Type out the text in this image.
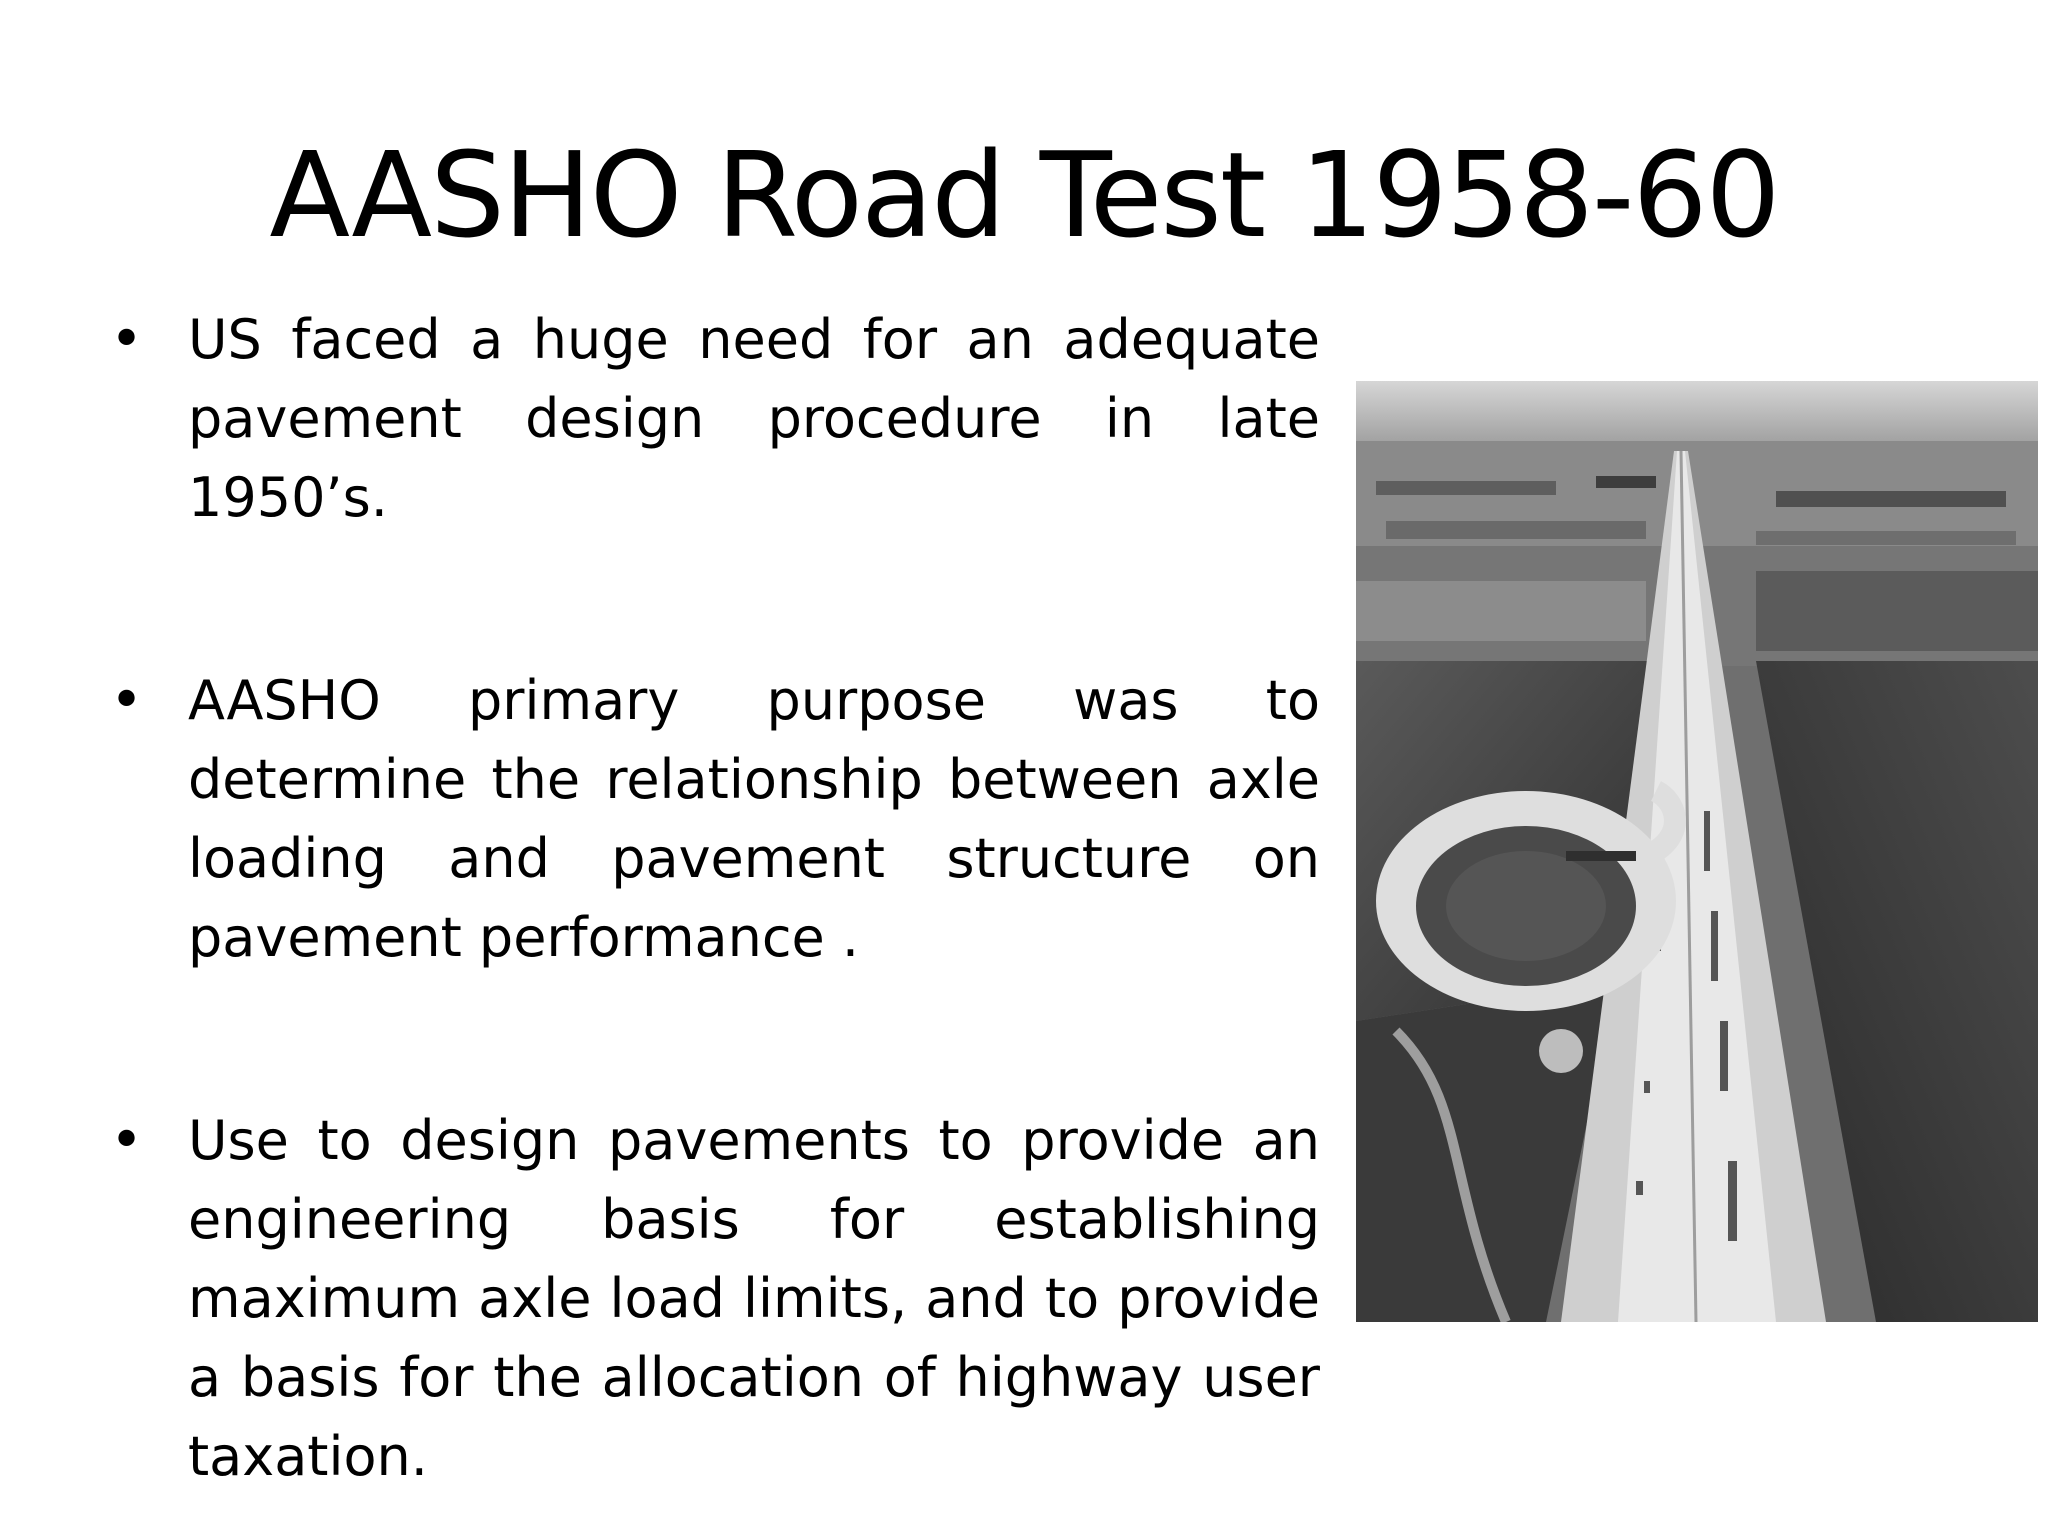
AASHO Road Test 1958-60
• US faced a huge need for an adequate pavement design procedure in late 1950’s.
• AASHO primary purpose was to determine the relationship between axle loading and pavement structure on pavement performance .
• Use to design pavements to provide an engineering basis for establishing maximum axle load limits, and to provide a basis for the allocation of highway user taxation.
